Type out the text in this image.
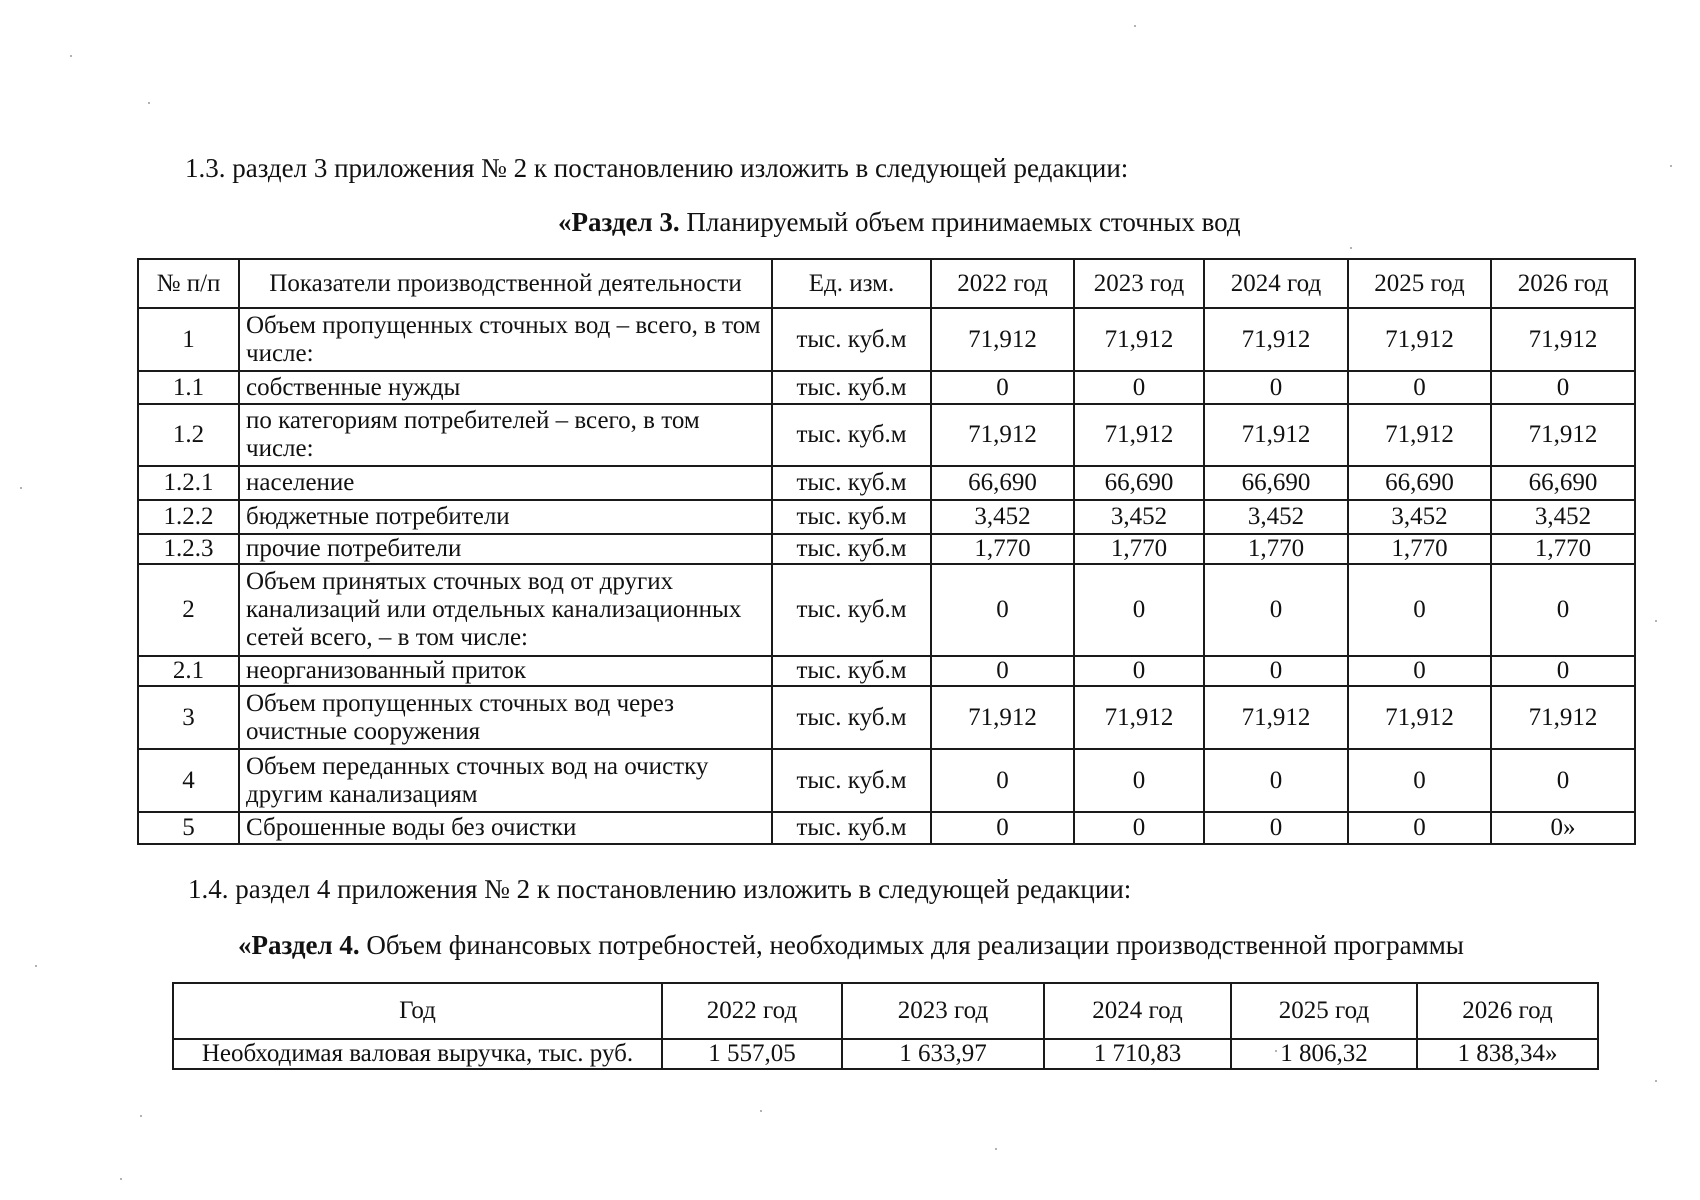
1.3. раздел 3 приложения № 2 к постановлению изложить в следующей редакции:
«Раздел 3. Планируемый объем принимаемых сточных вод
№ п/п	Показатели производственной деятельности	Ед. изм.	2022 год	2023 год	2024 год	2025 год	2026 год
1	Объем пропущенных сточных вод – всего, в том числе:	тыс. куб.м	71,912	71,912	71,912	71,912	71,912
1.1	собственные нужды	тыс. куб.м	0	0	0	0	0
1.2	по категориям потребителей – всего, в том числе:	тыс. куб.м	71,912	71,912	71,912	71,912	71,912
1.2.1	население	тыс. куб.м	66,690	66,690	66,690	66,690	66,690
1.2.2	бюджетные потребители	тыс. куб.м	3,452	3,452	3,452	3,452	3,452
1.2.3	прочие потребители	тыс. куб.м	1,770	1,770	1,770	1,770	1,770
2	Объем принятых сточных вод от других канализаций или отдельных канализационных сетей всего, – в том числе:	тыс. куб.м	0	0	0	0	0
2.1	неорганизованный приток	тыс. куб.м	0	0	0	0	0
3	Объем пропущенных сточных вод через очистные сооружения	тыс. куб.м	71,912	71,912	71,912	71,912	71,912
4	Объем переданных сточных вод на очистку другим канализациям	тыс. куб.м	0	0	0	0	0
5	Сброшенные воды без очистки	тыс. куб.м	0	0	0	0	0»
1.4. раздел 4 приложения № 2 к постановлению изложить в следующей редакции:
«Раздел 4. Объем финансовых потребностей, необходимых для реализации производственной программы
Год	2022 год	2023 год	2024 год	2025 год	2026 год
Необходимая валовая выручка, тыс. руб.	1 557,05	1 633,97	1 710,83	1 806,32	1 838,34»
